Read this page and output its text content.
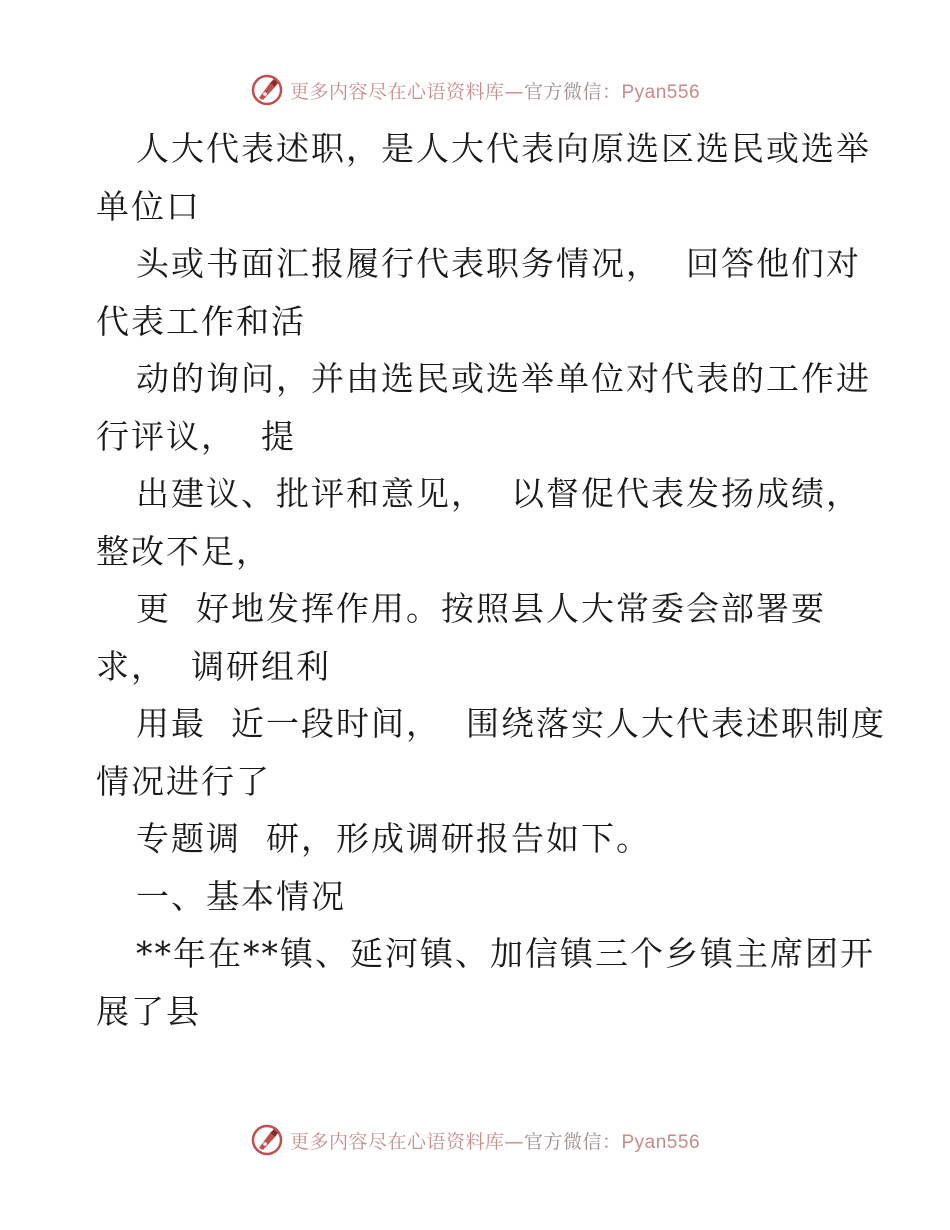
更多内容尽在心语资料库—官方微信：Pyan556
人大代表述职，是人大代表向原选区选民或选举
单位口
头或书面汇报履行代表职务情况，  回答他们对
代表工作和活
动的询问，并由选民或选举单位对代表的工作进
行评议，  提
出建议、批评和意见，  以督促代表发扬成绩，
整改不足，
更  好地发挥作用。按照县人大常委会部署要
求，  调研组利
用最  近一段时间，  围绕落实人大代表述职制度
情况进行了
专题调  研，形成调研报告如下。
一、基本情况
**年在**镇、延河镇、加信镇三个乡镇主席团开
展了县
更多内容尽在心语资料库—官方微信：Pyan556
